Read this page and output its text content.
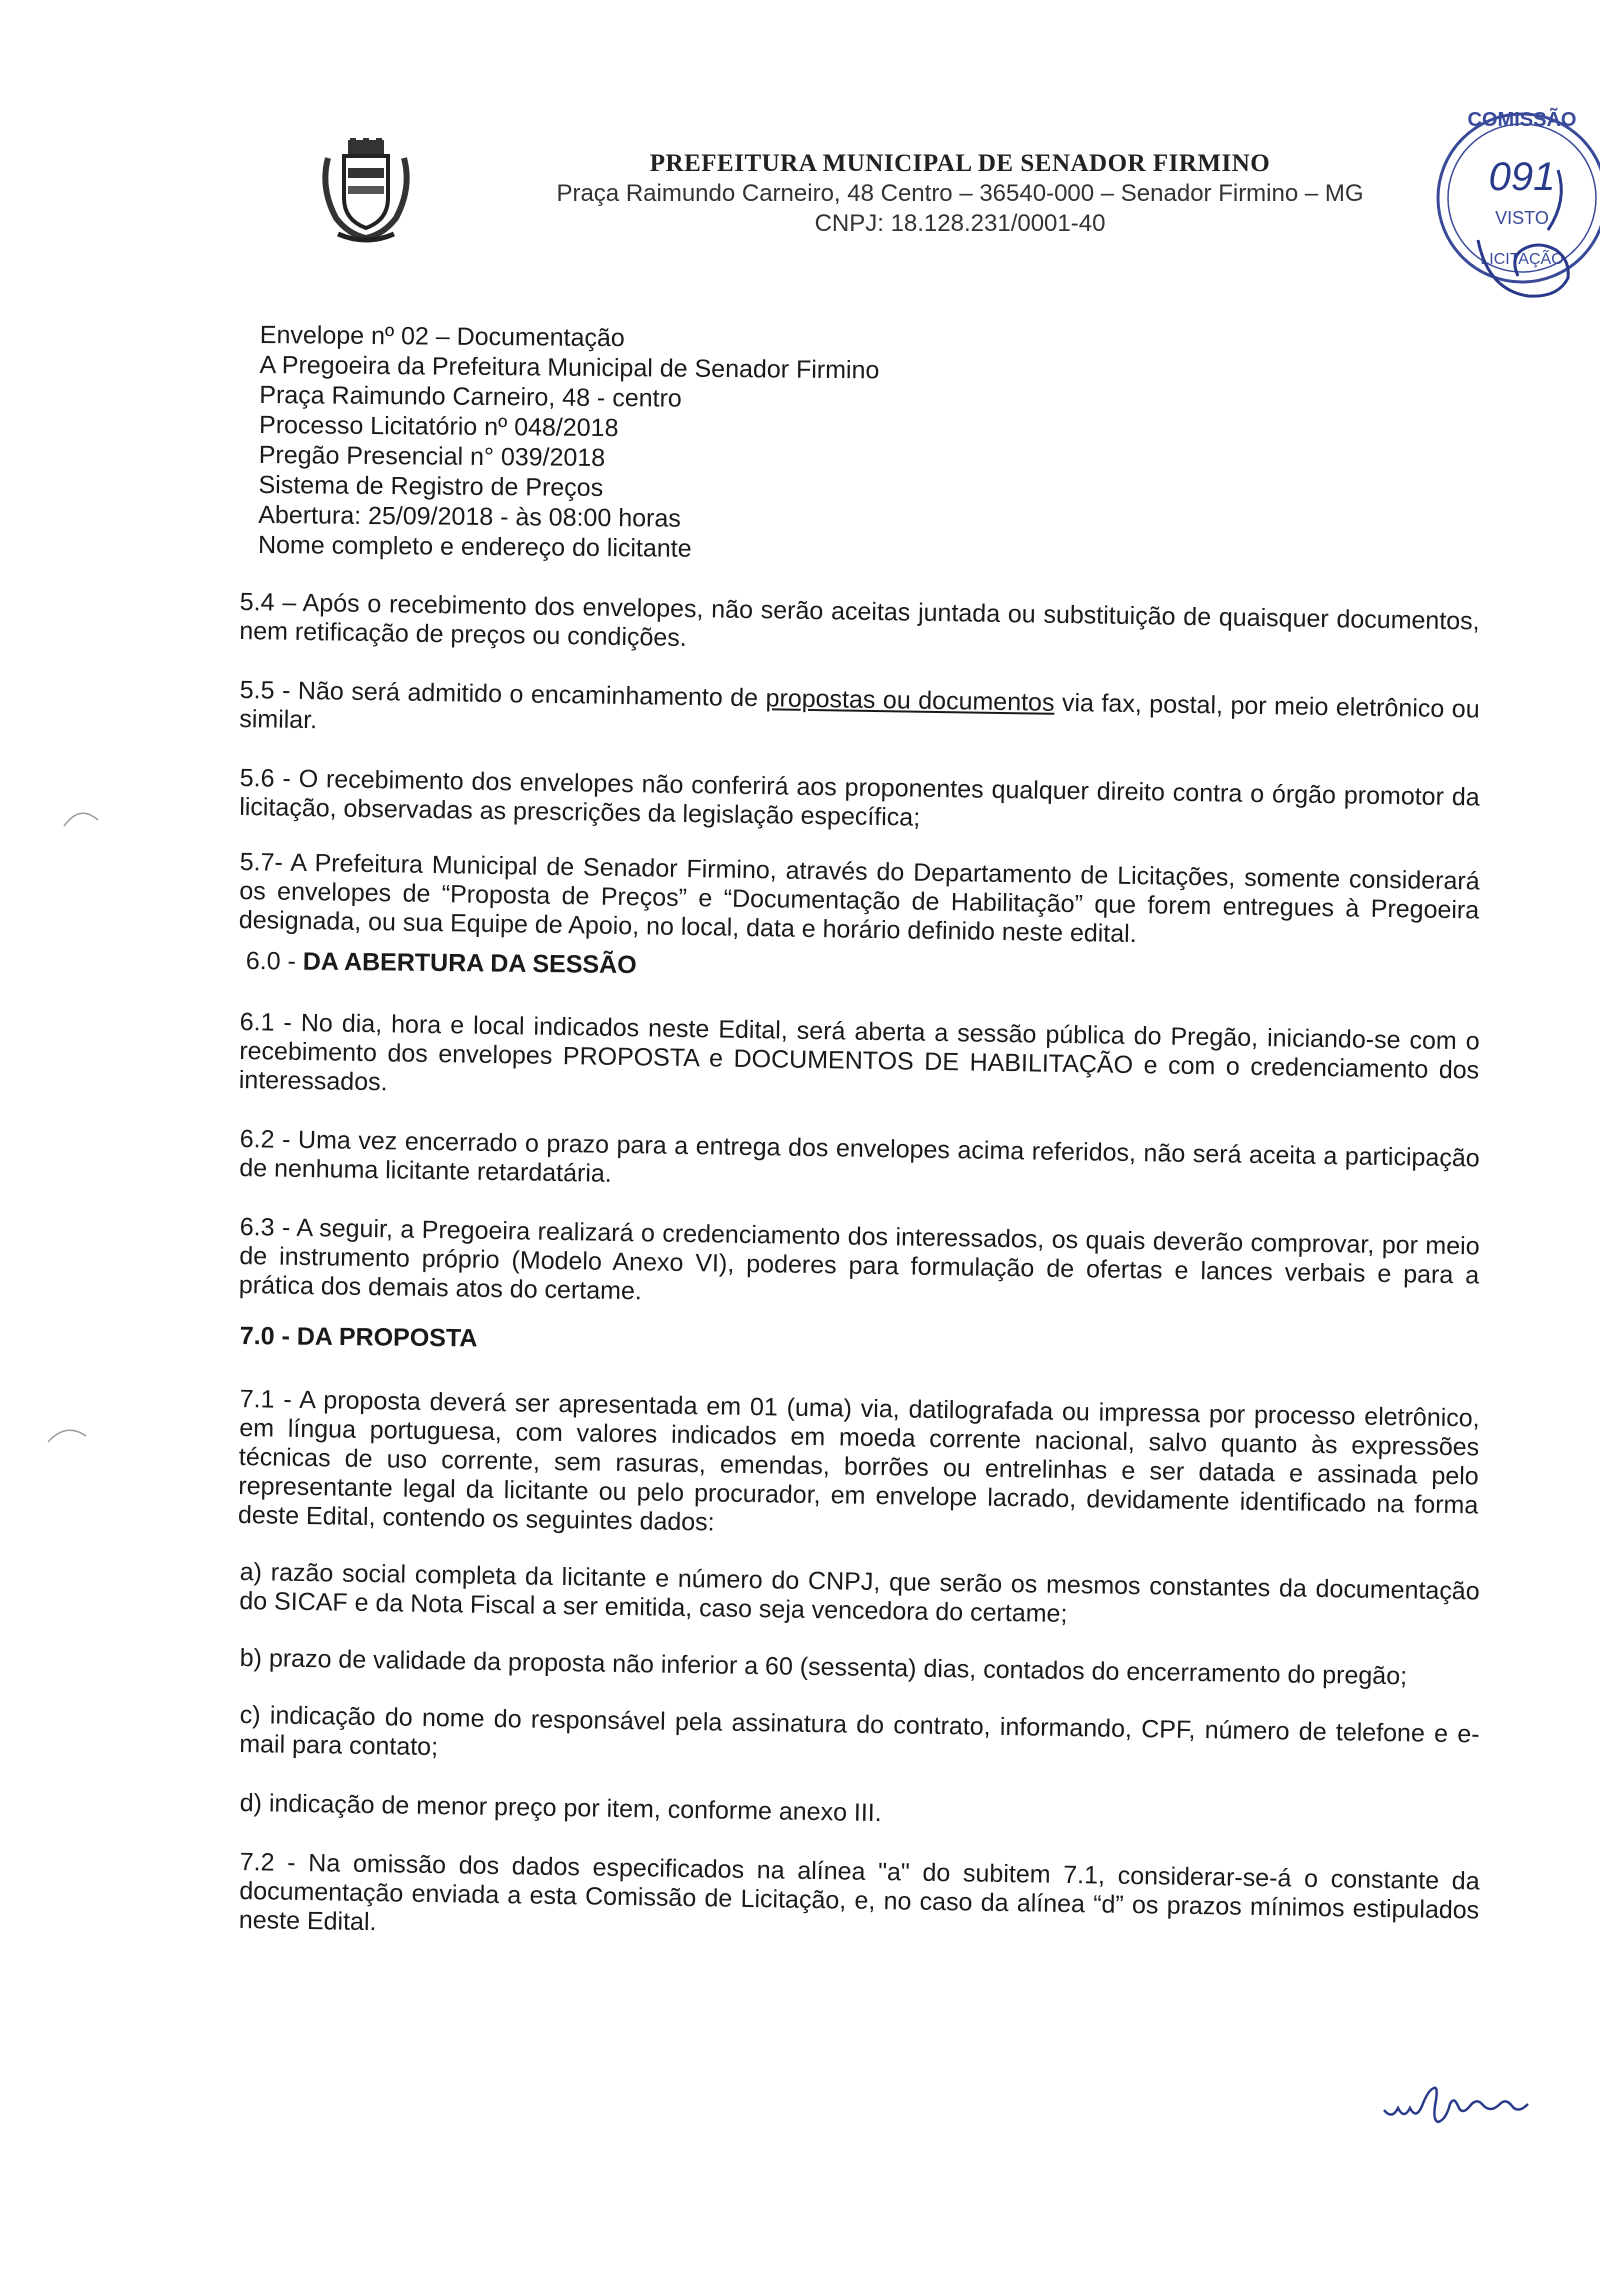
PREFEITURA MUNICIPAL DE SENADOR FIRMINO
Praça Raimundo Carneiro, 48 Centro – 36540-000 – Senador Firmino – MG
CNPJ: 18.128.231/0001-40
COMISSÃO
091
VISTO
LICITAÇÃO
Envelope nº 02 – Documentação
A Pregoeira da Prefeitura Municipal de Senador Firmino
Praça Raimundo Carneiro, 48 - centro
Processo Licitatório nº 048/2018
Pregão Presencial n° 039/2018
Sistema de Registro de Preços
Abertura: 25/09/2018 - às 08:00 horas
Nome completo e endereço do licitante

5.4 – Após o recebimento dos envelopes, não serão aceitas juntada ou substituição de quaisquer documentos, nem retificação de preços ou condições.

5.5 - Não será admitido o encaminhamento de propostas ou documentos via fax, postal, por meio eletrônico ou similar.

5.6 - O recebimento dos envelopes não conferirá aos proponentes qualquer direito contra o órgão promotor da licitação, observadas as prescrições da legislação específica;

5.7- A Prefeitura Municipal de Senador Firmino, através do Departamento de Licitações, somente considerará os envelopes de “Proposta de Preços” e “Documentação de Habilitação” que forem entregues à Pregoeira designada, ou sua Equipe de Apoio, no local, data e horário definido neste edital.

6.0 - DA ABERTURA DA SESSÃO

6.1 - No dia, hora e local indicados neste Edital, será aberta a sessão pública do Pregão, iniciando-se com o recebimento dos envelopes PROPOSTA e DOCUMENTOS DE HABILITAÇÃO e com o credenciamento dos interessados.

6.2 - Uma vez encerrado o prazo para a entrega dos envelopes acima referidos, não será aceita a participação de nenhuma licitante retardatária.

6.3 - A seguir, a Pregoeira realizará o credenciamento dos interessados, os quais deverão comprovar, por meio de instrumento próprio (Modelo Anexo VI), poderes para formulação de ofertas e lances verbais e para a prática dos demais atos do certame.

7.0 - DA PROPOSTA

7.1 - A proposta deverá ser apresentada em 01 (uma) via, datilografada ou impressa por processo eletrônico, em língua portuguesa, com valores indicados em moeda corrente nacional, salvo quanto às expressões técnicas de uso corrente, sem rasuras, emendas, borrões ou entrelinhas e ser datada e assinada pelo representante legal da licitante ou pelo procurador, em envelope lacrado, devidamente identificado na forma deste Edital, contendo os seguintes dados:

a) razão social completa da licitante e número do CNPJ, que serão os mesmos constantes da documentação do SICAF e da Nota Fiscal a ser emitida, caso seja vencedora do certame;

b) prazo de validade da proposta não inferior a 60 (sessenta) dias, contados do encerramento do pregão;

c) indicação do nome do responsável pela assinatura do contrato, informando, CPF, número de telefone e e-mail para contato;

d) indicação de menor preço por item, conforme anexo III.

7.2 - Na omissão dos dados especificados na alínea "a" do subitem 7.1, considerar-se-á o constante da documentação enviada a esta Comissão de Licitação, e, no caso da alínea “d” os prazos mínimos estipulados neste Edital.
